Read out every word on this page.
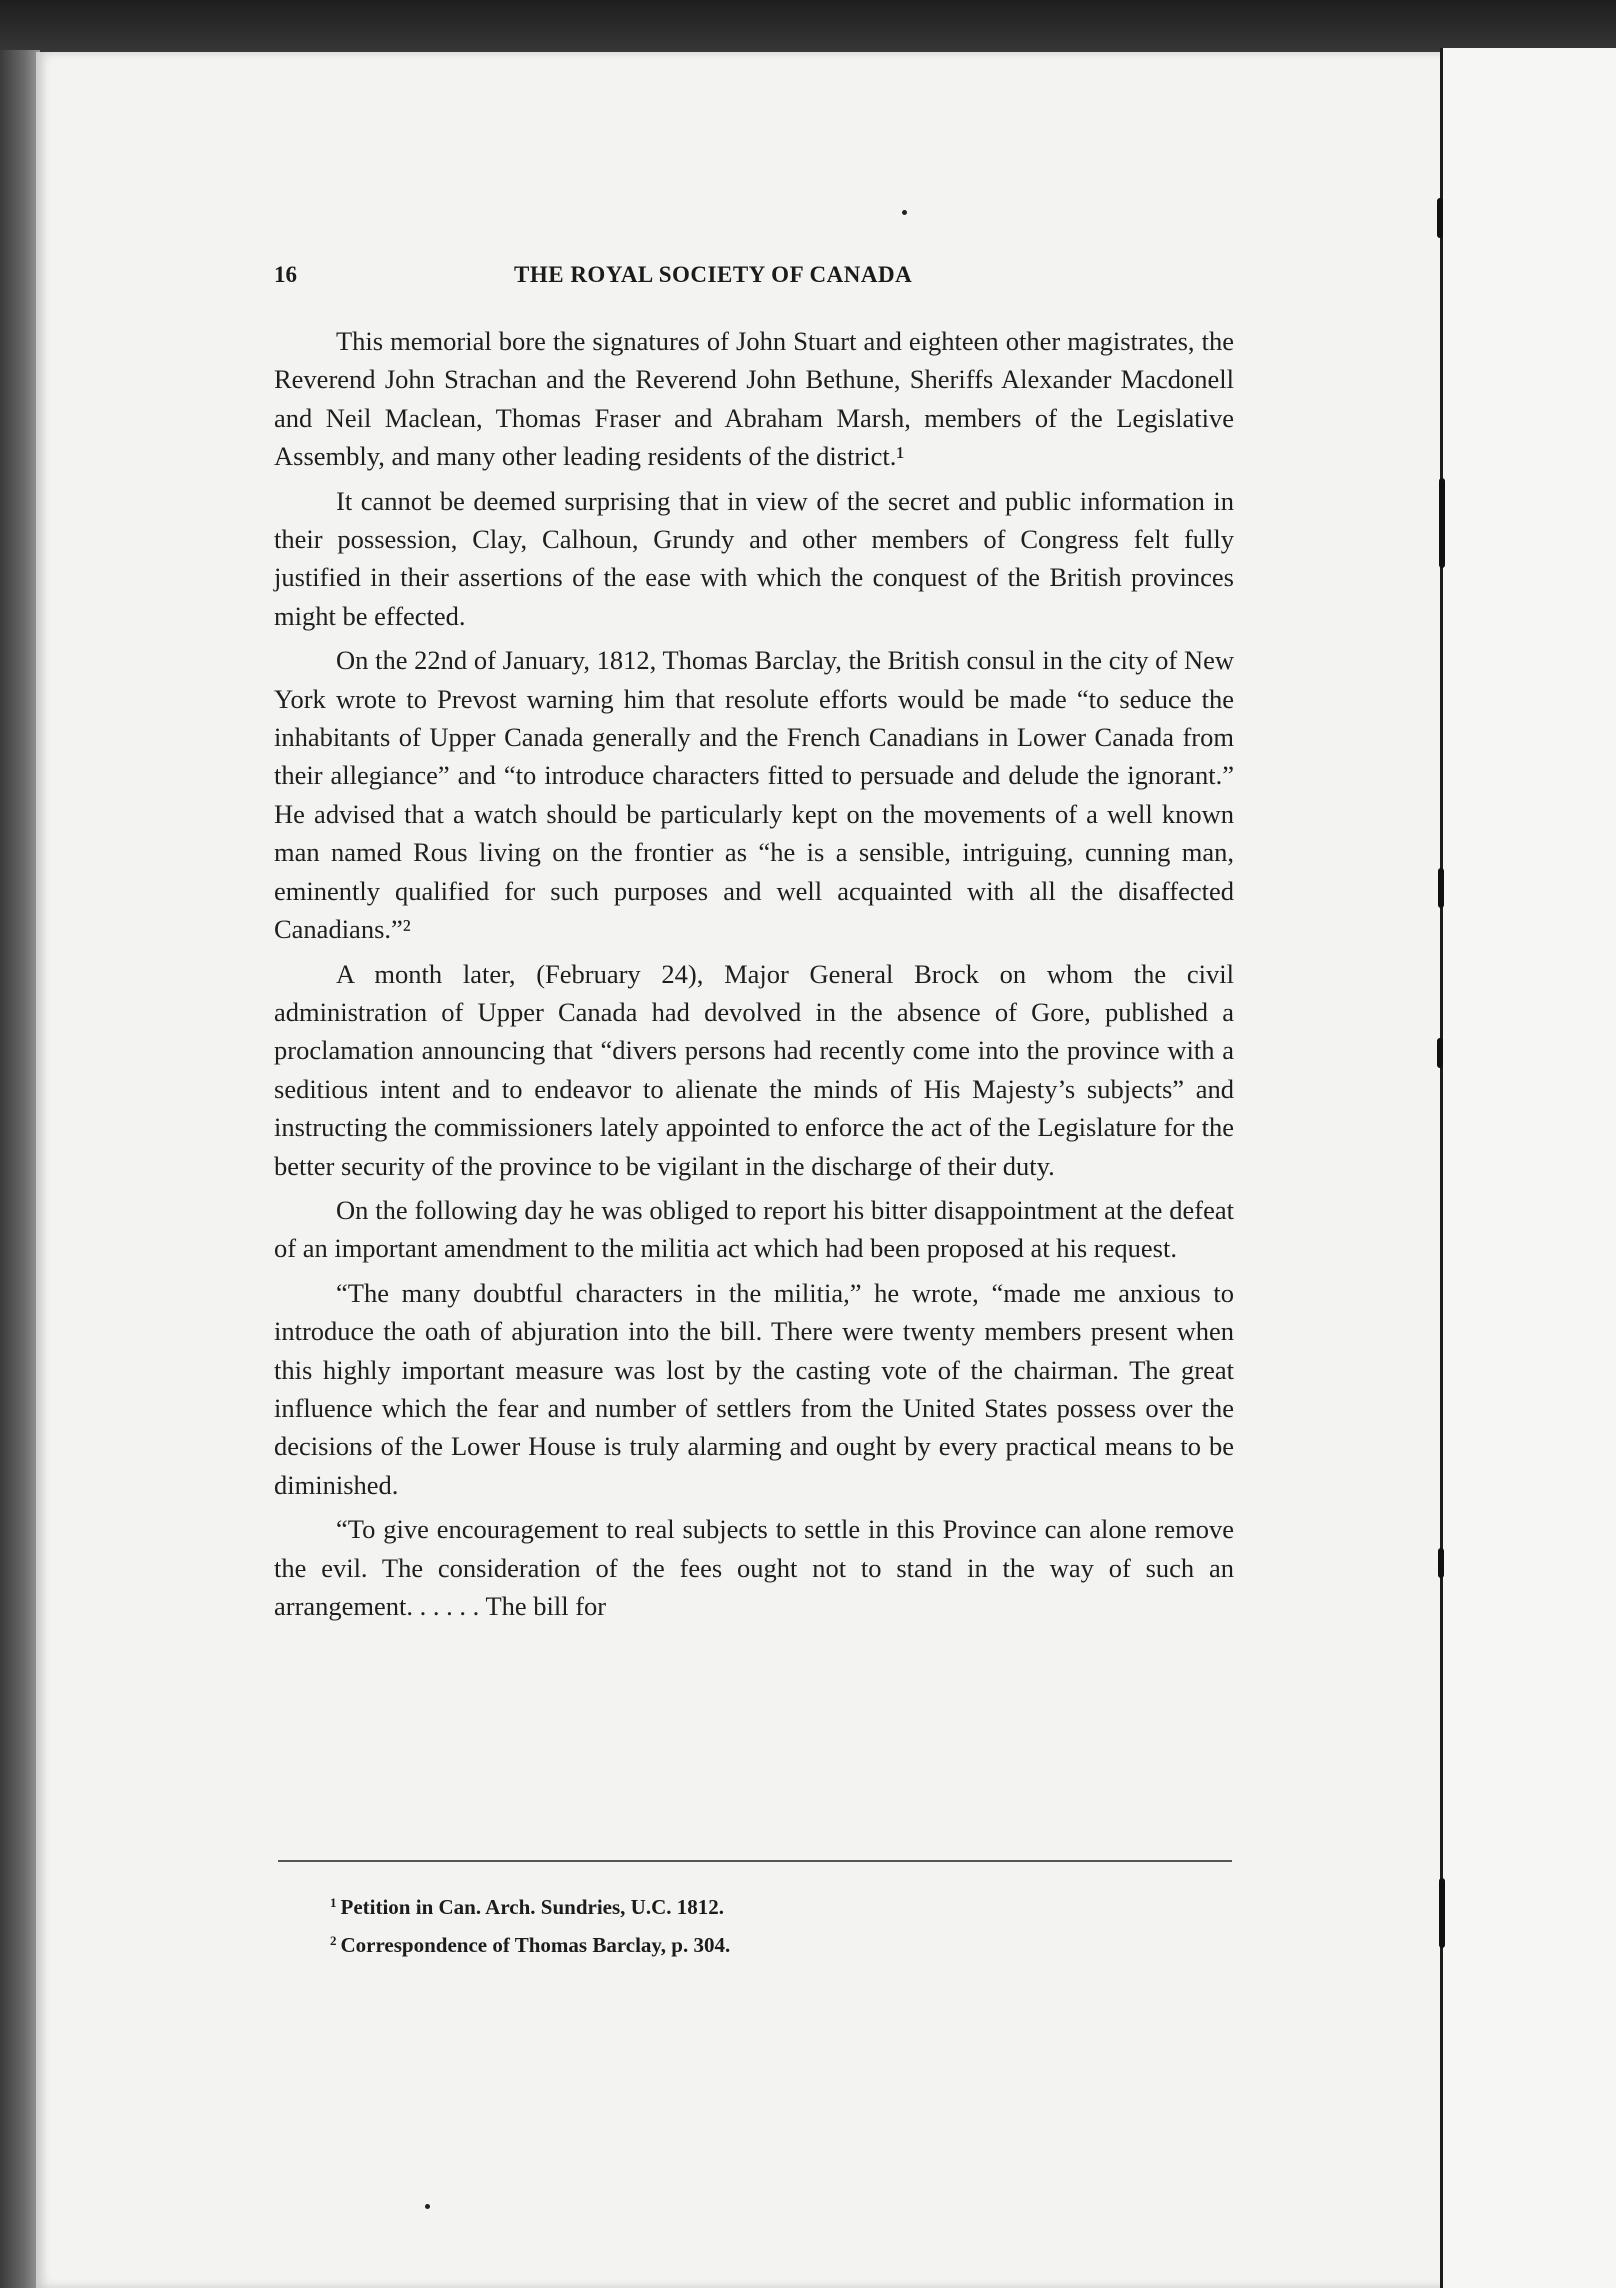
16	THE ROYAL SOCIETY OF CANADA

This memorial bore the signatures of John Stuart and eighteen other magistrates, the Reverend John Strachan and the Reverend John Bethune, Sheriffs Alexander Macdonell and Neil Maclean, Thomas Fraser and Abraham Marsh, members of the Legislative Assembly, and many other leading residents of the district.¹

It cannot be deemed surprising that in view of the secret and public information in their possession, Clay, Calhoun, Grundy and other members of Congress felt fully justified in their assertions of the ease with which the conquest of the British provinces might be effected.

On the 22nd of January, 1812, Thomas Barclay, the British consul in the city of New York wrote to Prevost warning him that resolute efforts would be made “to seduce the inhabitants of Upper Canada generally and the French Canadians in Lower Canada from their allegiance” and “to introduce characters fitted to persuade and delude the ignorant.” He advised that a watch should be particularly kept on the movements of a well known man named Rous living on the frontier as “he is a sensible, intriguing, cunning man, eminently qualified for such purposes and well acquainted with all the disaffected Canadians.”²

A month later, (February 24), Major General Brock on whom the civil administration of Upper Canada had devolved in the absence of Gore, published a proclamation announcing that “divers persons had recently come into the province with a seditious intent and to endeavor to alienate the minds of His Majesty’s subjects” and instructing the commissioners lately appointed to enforce the act of the Legislature for the better security of the province to be vigilant in the discharge of their duty.

On the following day he was obliged to report his bitter disappointment at the defeat of an important amendment to the militia act which had been proposed at his request.

“The many doubtful characters in the militia,” he wrote, “made me anxious to introduce the oath of abjuration into the bill. There were twenty members present when this highly important measure was lost by the casting vote of the chairman. The great influence which the fear and number of settlers from the United States possess over the decisions of the Lower House is truly alarming and ought by every practical means to be diminished.

“To give encouragement to real subjects to settle in this Province can alone remove the evil. The consideration of the fees ought not to stand in the way of such an arrangement. . . . . . The bill for

$^1$ Petition in Can. Arch. Sundries, U.C. 1812.
$^2$ Correspondence of Thomas Barclay, p. 304.
